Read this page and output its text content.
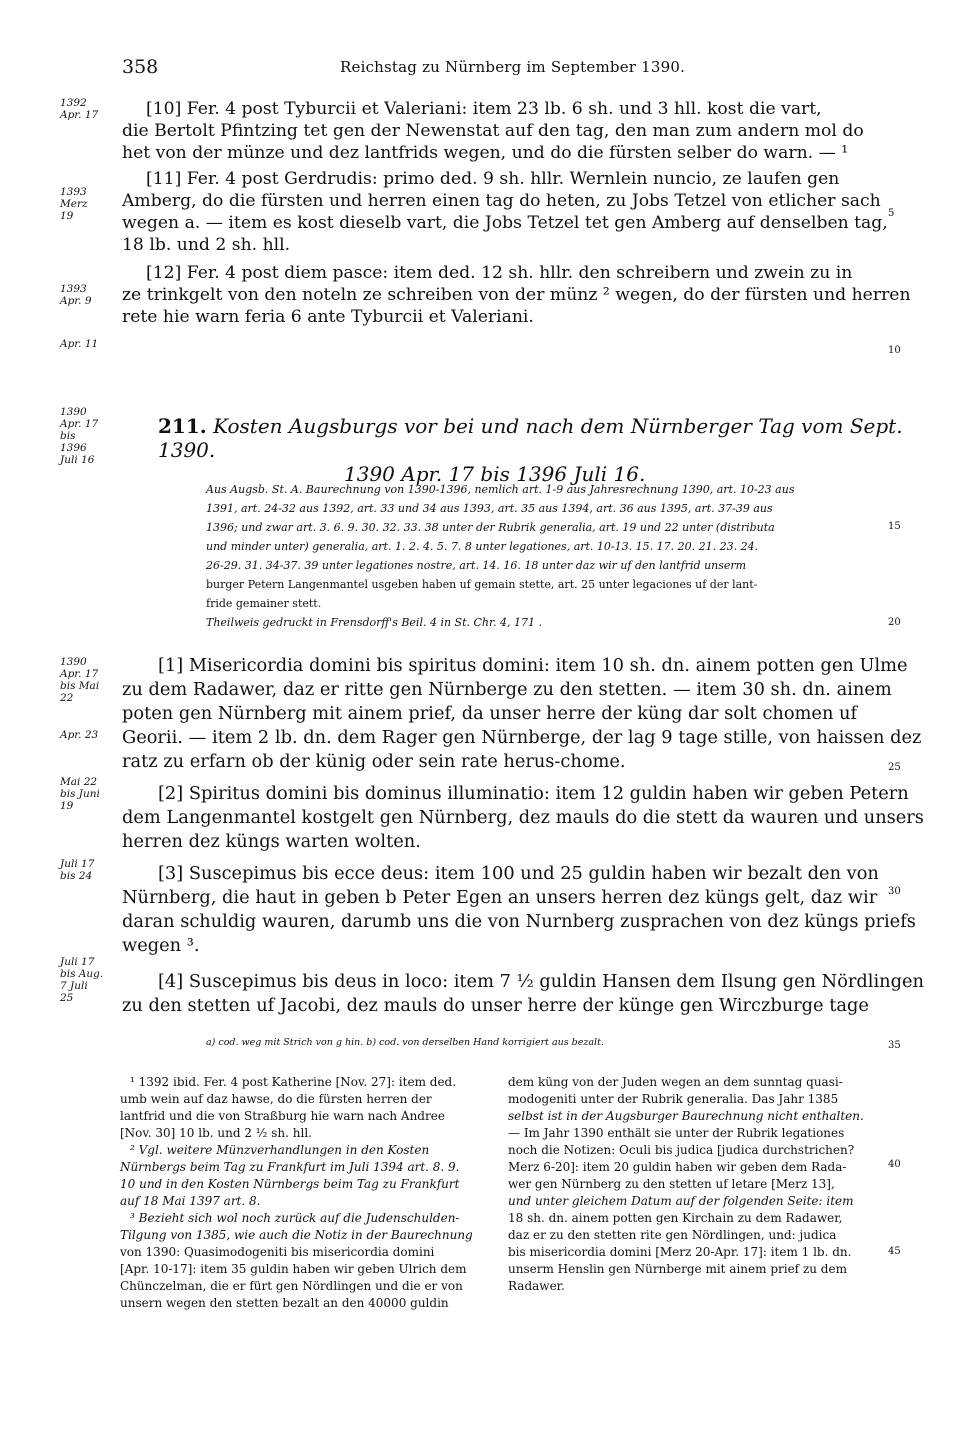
358	Reichstag zu Nürnberg im September 1390.
1392 Apr. 17
1393 Merz 19
1393 Apr. 9
Apr. 11
[10] Fer. 4 post Tyburcii et Valeriani: item 23 lb. 6 sh. und 3 hll. kost die vart,
die Bertolt Pfintzing tet gen der Newenstat auf den tag, den man zum andern mol do
het von der münze und dez lantfrids wegen, und do die fürsten selber do warn. — ¹
[11] Fer. 4 post Gerdrudis: primo ded. 9 sh. hllr. Wernlein nuncio, ze laufen gen
Amberg, do die fürsten und herren einen tag do heten, zu Jobs Tetzel von etlicher sach
wegen a. — item es kost dieselb vart, die Jobs Tetzel tet gen Amberg auf denselben tag,
18 lb. und 2 sh. hll.
[12] Fer. 4 post diem pasce: item ded. 12 sh. hllr. den schreibern und zwein zu in
ze trinkgelt von den noteln ze schreiben von der münz ² wegen, do der fürsten und herren
rete hie warn feria 6 ante Tyburcii et Valeriani.
5
10
1390 Apr. 17 bis 1396 Juli 16
211. Kosten Augsburgs vor bei und nach dem Nürnberger Tag vom Sept. 1390.
1390 Apr. 17 bis 1396 Juli 16.
Aus Augsb. St. A. Baurechnung von 1390-1396, nemlich art. 1-9 aus Jahresrechnung 1390, art. 10-23 aus
1391, art. 24-32 aus 1392, art. 33 und 34 aus 1393, art. 35 aus 1394, art. 36 aus 1395, art. 37-39 aus
1396; und zwar art. 3. 6. 9. 30. 32. 33. 38 unter der Rubrik generalia, art. 19 und 22 unter (distributa
und minder unter) generalia, art. 1. 2. 4. 5. 7. 8 unter legationes, art. 10-13. 15. 17. 20. 21. 23. 24.
26-29. 31. 34-37. 39 unter legationes nostre, art. 14. 16. 18 unter daz wir uf den lantfrid unserm
burger Petern Langenmantel usgeben haben uf gemain stette, art. 25 unter legaciones uf der lant-
fride gemainer stett.
Theilweis gedruckt in Frensdorff's Beil. 4 in St. Chr. 4, 171 .
15
20
1390 Apr. 17 bis Mai 22
Apr. 23
Mai 22 bis Juni 19
Juli 17 bis 24
Juli 17 bis Aug. 7 Juli 25
[1] Misericordia domini bis spiritus domini: item 10 sh. dn. ainem potten gen Ulme
zu dem Radawer, daz er ritte gen Nürnberge zu den stetten. — item 30 sh. dn. ainem
poten gen Nürnberg mit ainem prief, da unser herre der küng dar solt chomen uf
Georii. — item 2 lb. dn. dem Rager gen Nürnberge, der lag 9 tage stille, von haissen dez
ratz zu erfarn ob der künig oder sein rate herus-chome.
[2] Spiritus domini bis dominus illuminatio: item 12 guldin haben wir geben Petern
dem Langenmantel kostgelt gen Nürnberg, dez mauls do die stett da wauren und unsers
herren dez küngs warten wolten.
[3] Suscepimus bis ecce deus: item 100 und 25 guldin haben wir bezalt den von
Nürnberg, die haut in geben b Peter Egen an unsers herren dez küngs gelt, daz wir
daran schuldig wauren, darumb uns die von Nurnberg zusprachen von dez küngs priefs
wegen ³.
[4] Suscepimus bis deus in loco: item 7 ½ guldin Hansen dem Ilsung gen Nördlingen
zu den stetten uf Jacobi, dez mauls do unser herre der künge gen Wirczburge tage
25
30
a) cod. weg mit Strich von g hin. b) cod. von derselben Hand korrigiert aus bezalt.	35
¹ 1392 ibid. Fer. 4 post Katherine [Nov. 27]: item ded.
umb wein auf daz hawse, do die fürsten herren der
lantfrid und die von Straßburg hie warn nach Andree
[Nov. 30] 10 lb. und 2 ½ sh. hll.
² Vgl. weitere Münzverhandlungen in den Kosten
Nürnbergs beim Tag zu Frankfurt im Juli 1394 art. 8. 9.
10 und in den Kosten Nürnbergs beim Tag zu Frankfurt
auf 18 Mai 1397 art. 8.
³ Bezieht sich wol noch zurück auf die Judenschulden-
Tilgung von 1385, wie auch die Notiz in der Baurechnung
von 1390: Quasimodogeniti bis misericordia domini
[Apr. 10-17]: item 35 guldin haben wir geben Ulrich dem
Chünczelman, die er fürt gen Nördlingen und die er von
unsern wegen den stetten bezalt an den 40000 guldin
dem küng von der Juden wegen an dem sunntag quasi-
modogeniti unter der Rubrik generalia. Das Jahr 1385
selbst ist in der Augsburger Baurechnung nicht enthalten.
— Im Jahr 1390 enthält sie unter der Rubrik legationes
noch die Notizen: Oculi bis judica [judica durchstrichen?
Merz 6-20]: item 20 guldin haben wir geben dem Rada-
wer gen Nürnberg zu den stetten uf letare [Merz 13],
und unter gleichem Datum auf der folgenden Seite: item
18 sh. dn. ainem potten gen Kirchain zu dem Radawer,
daz er zu den stetten rite gen Nördlingen, und: judica
bis misericordia domini [Merz 20-Apr. 17]: item 1 lb. dn.
unserm Henslin gen Nürnberge mit ainem prief zu dem
Radawer.
40
45
